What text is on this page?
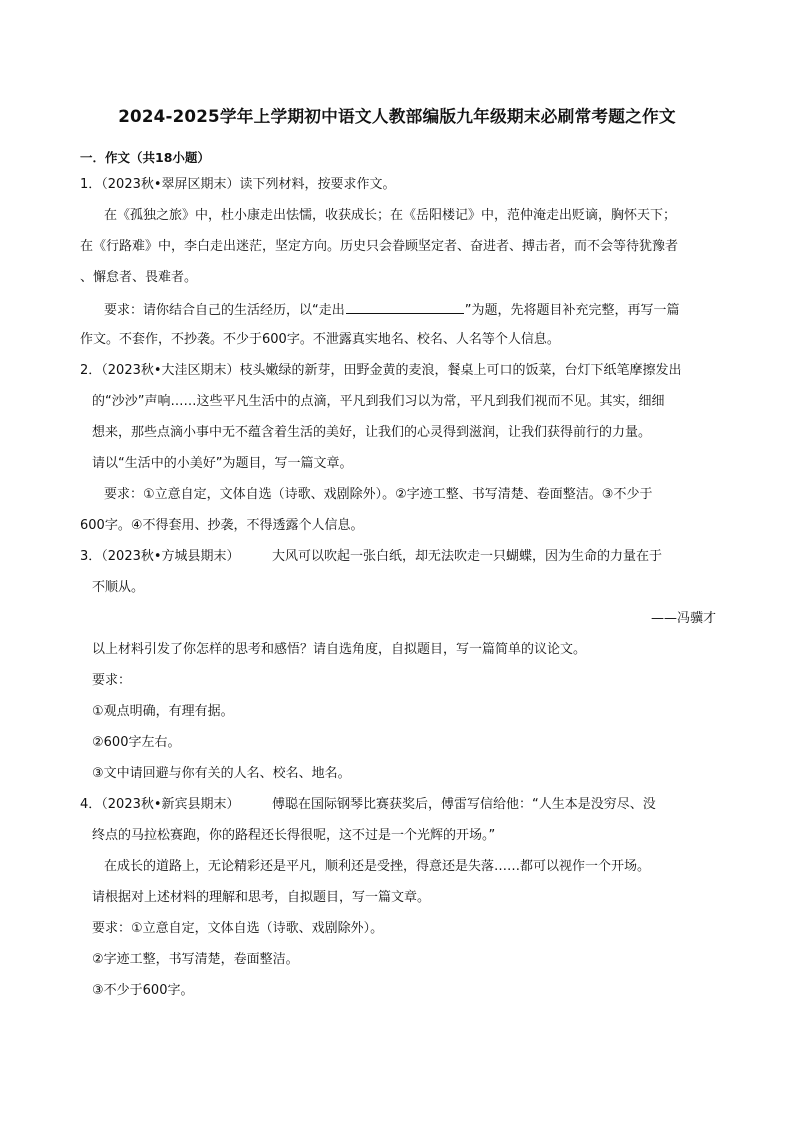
2024-2025学年上学期初中语文人教部编版九年级期末必刷常考题之作文
一．作文（共18小题）
1．（2023秋•翠屏区期末）读下列材料，按要求作文。
在《孤独之旅》中，杜小康走出怯懦，收获成长；在《岳阳楼记》中，范仲淹走出贬谪，胸怀天下；
在《行路难》中，李白走出迷茫，坚定方向。历史只会眷顾坚定者、奋进者、搏击者，而不会等待犹豫者
、懈怠者、畏难者。
要求：请你结合自己的生活经历，以“走出	”为题，先将题目补充完整，再写一篇
作文。不套作，不抄袭。不少于600字。不泄露真实地名、校名、人名等个人信息。
2．（2023秋•大洼区期末）枝头嫩绿的新芽，田野金黄的麦浪，餐桌上可口的饭菜，台灯下纸笔摩擦发出
的“沙沙”声响……这些平凡生活中的点滴，平凡到我们习以为常，平凡到我们视而不见。其实，细细
想来，那些点滴小事中无不蕴含着生活的美好，让我们的心灵得到滋润，让我们获得前行的力量。
请以“生活中的小美好”为题目，写一篇文章。
要求：①立意自定，文体自选（诗歌、戏剧除外）。②字迹工整、书写清楚、卷面整洁。③不少于
600字。④不得套用、抄袭，不得透露个人信息。
3．（2023秋•方城县期末）　　　大风可以吹起一张白纸，却无法吹走一只蝴蝶，因为生命的力量在于
不顺从。
——冯骥才
以上材料引发了你怎样的思考和感悟？请自选角度，自拟题目，写一篇简单的议论文。
要求：
①观点明确，有理有据。
②600字左右。
③文中请回避与你有关的人名、校名、地名。
4．（2023秋•新宾县期末）　　　傅聪在国际钢琴比赛获奖后，傅雷写信给他：“人生本是没穷尽、没
终点的马拉松赛跑，你的路程还长得很呢，这不过是一个光辉的开场。”
在成长的道路上，无论精彩还是平凡，顺利还是受挫，得意还是失落……都可以视作一个开场。
请根据对上述材料的理解和思考，自拟题目，写一篇文章。
要求：①立意自定，文体自选（诗歌、戏剧除外）。
②字迹工整，书写清楚，卷面整洁。
③不少于600字。
